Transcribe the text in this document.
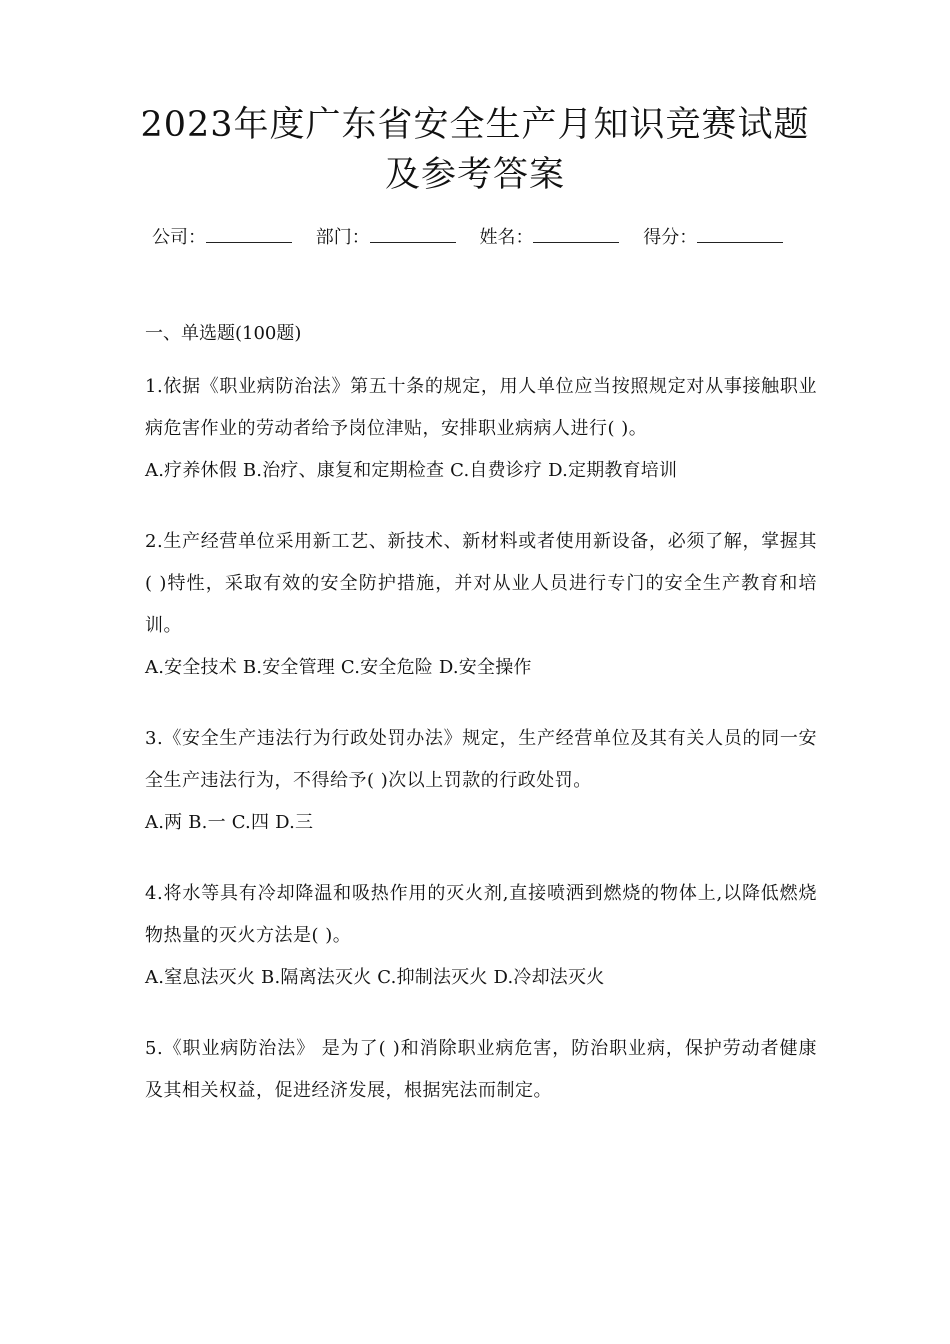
2023年度广东省安全生产月知识竞赛试题
及参考答案
公司：	部门：	姓名：	得分：
一、单选题(100题)
1.依据《职业病防治法》第五十条的规定，用人单位应当按照规定对从事接触职业病危害作业的劳动者给予岗位津贴，安排职业病病人进行( )。
A.疗养休假 B.治疗、康复和定期检查 C.自费诊疗 D.定期教育培训
2.生产经营单位采用新工艺、新技术、新材料或者使用新设备，必须了解，掌握其( )特性，采取有效的安全防护措施，并对从业人员进行专门的安全生产教育和培训。
A.安全技术 B.安全管理 C.安全危险 D.安全操作
3.《安全生产违法行为行政处罚办法》规定，生产经营单位及其有关人员的同一安全生产违法行为，不得给予( )次以上罚款的行政处罚。
A.两 B.一 C.四 D.三
4.将水等具有冷却降温和吸热作用的灭火剂,直接喷洒到燃烧的物体上,以降低燃烧物热量的灭火方法是( )。
A.窒息法灭火 B.隔离法灭火 C.抑制法灭火 D.冷却法灭火
5.《职业病防治法》 是为了( )和消除职业病危害，防治职业病，保护劳动者健康及其相关权益，促进经济发展，根据宪法而制定。
